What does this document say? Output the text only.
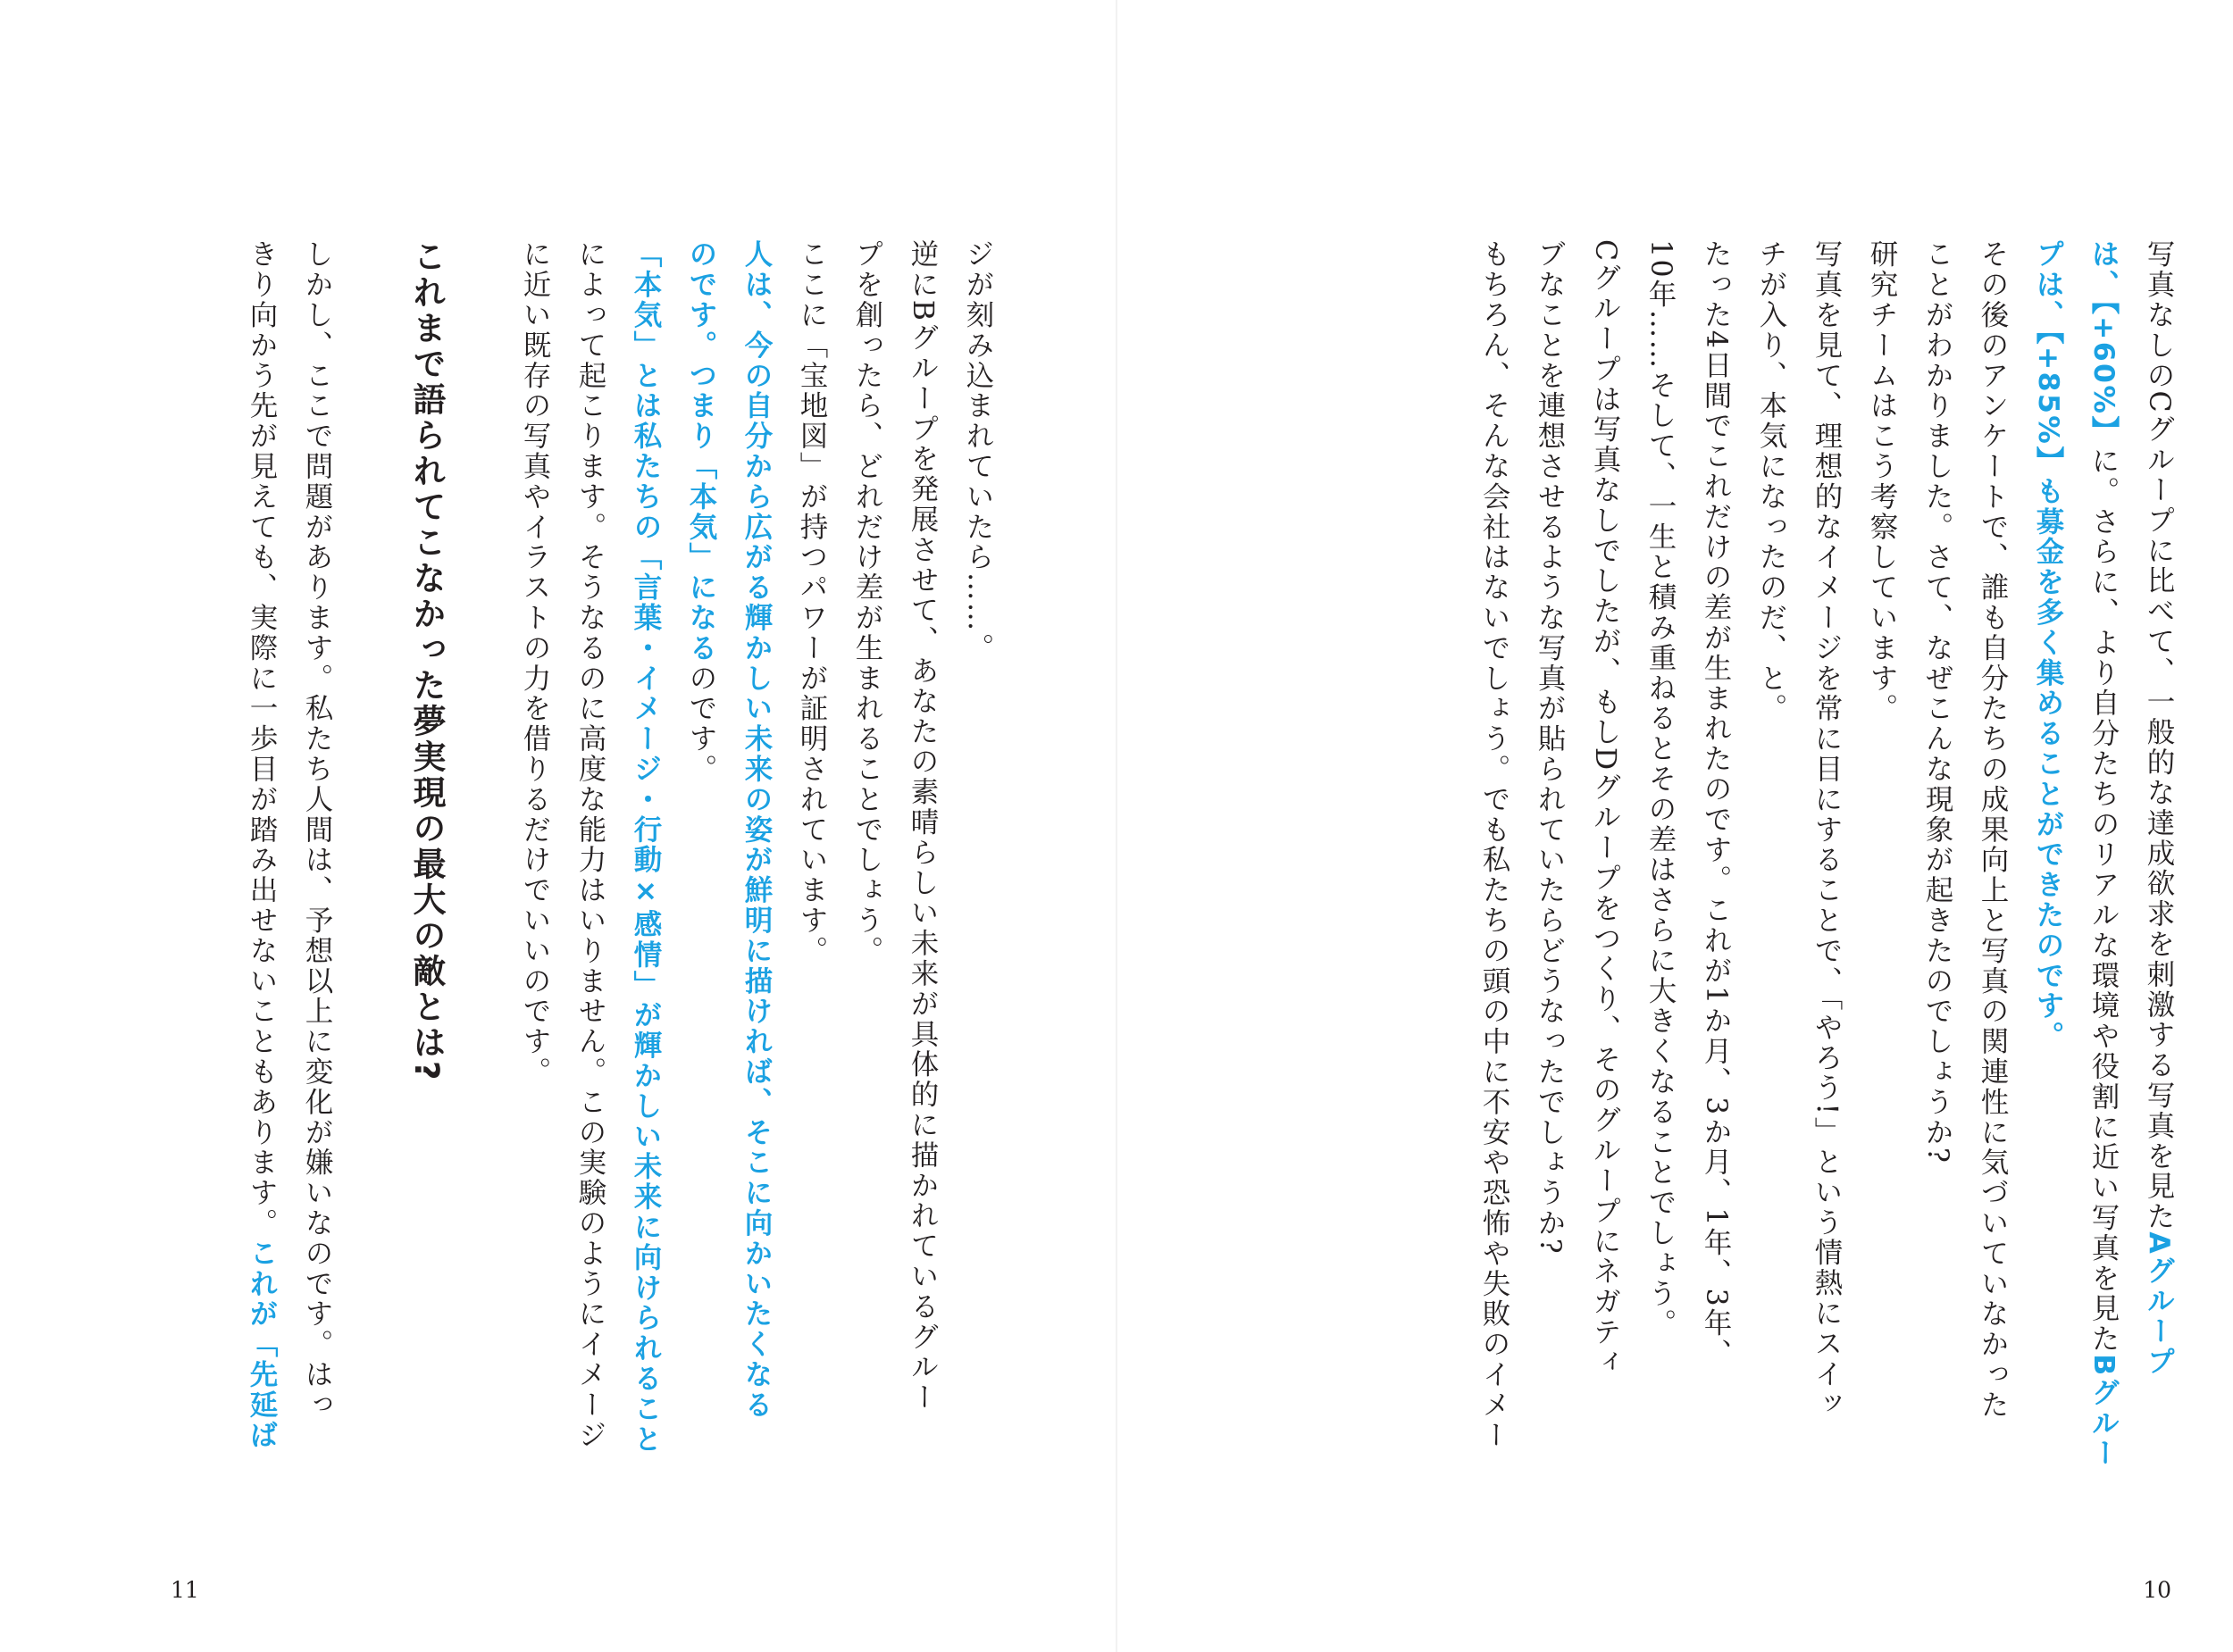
写真なしのCグループに比べて、一般的な達成欲求を刺激する写真を見たAグループ
は、【+60%】に。さらに、より自分たちのリアルな環境や役割に近い写真を見たBグルー
プは、【+85%】も募金を多く集めることができたのです。
その後のアンケートで、誰も自分たちの成果向上と写真の関連性に気づいていなかった
ことがわかりました。さて、なぜこんな現象が起きたのでしょうか?
研究チームはこう考察しています。
写真を見て、理想的なイメージを常に目にすることで、「やろう!」という情熱にスイッ
チが入り、本気になったのだ、と。
たった4日間でこれだけの差が生まれたのです。これが1か月、3か月、1年、3年、
10年……そして、一生と積み重ねるとその差はさらに大きくなることでしょう。
Cグループは写真なしでしたが、もしDグループをつくり、そのグループにネガティ
ブなことを連想させるような写真が貼られていたらどうなったでしょうか?
もちろん、そんな会社はないでしょう。でも私たちの頭の中に不安や恐怖や失敗のイメー
10
ジが刻み込まれていたら……。
逆にBグループを発展させて、あなたの素晴らしい未来が具体的に描かれているグルー
プを創ったら、どれだけ差が生まれることでしょう。
ここに「宝地図」が持つパワーが証明されています。
人は、今の自分から広がる輝かしい未来の姿が鮮明に描ければ、そこに向かいたくなる
のです。つまり「本気」になるのです。
「本気」とは私たちの「言葉・イメージ・行動×感情」が輝かしい未来に向けられること
によって起こります。そうなるのに高度な能力はいりません。この実験のようにイメージ
に近い既存の写真やイラストの力を借りるだけでいいのです。
これまで語られてこなかった夢実現の最大の敵とは?
しかし、ここで問題があります。私たち人間は、予想以上に変化が嫌いなのです。はっ
きり向かう先が見えても、実際に一歩目が踏み出せないこともあります。これが「先延ば
11
